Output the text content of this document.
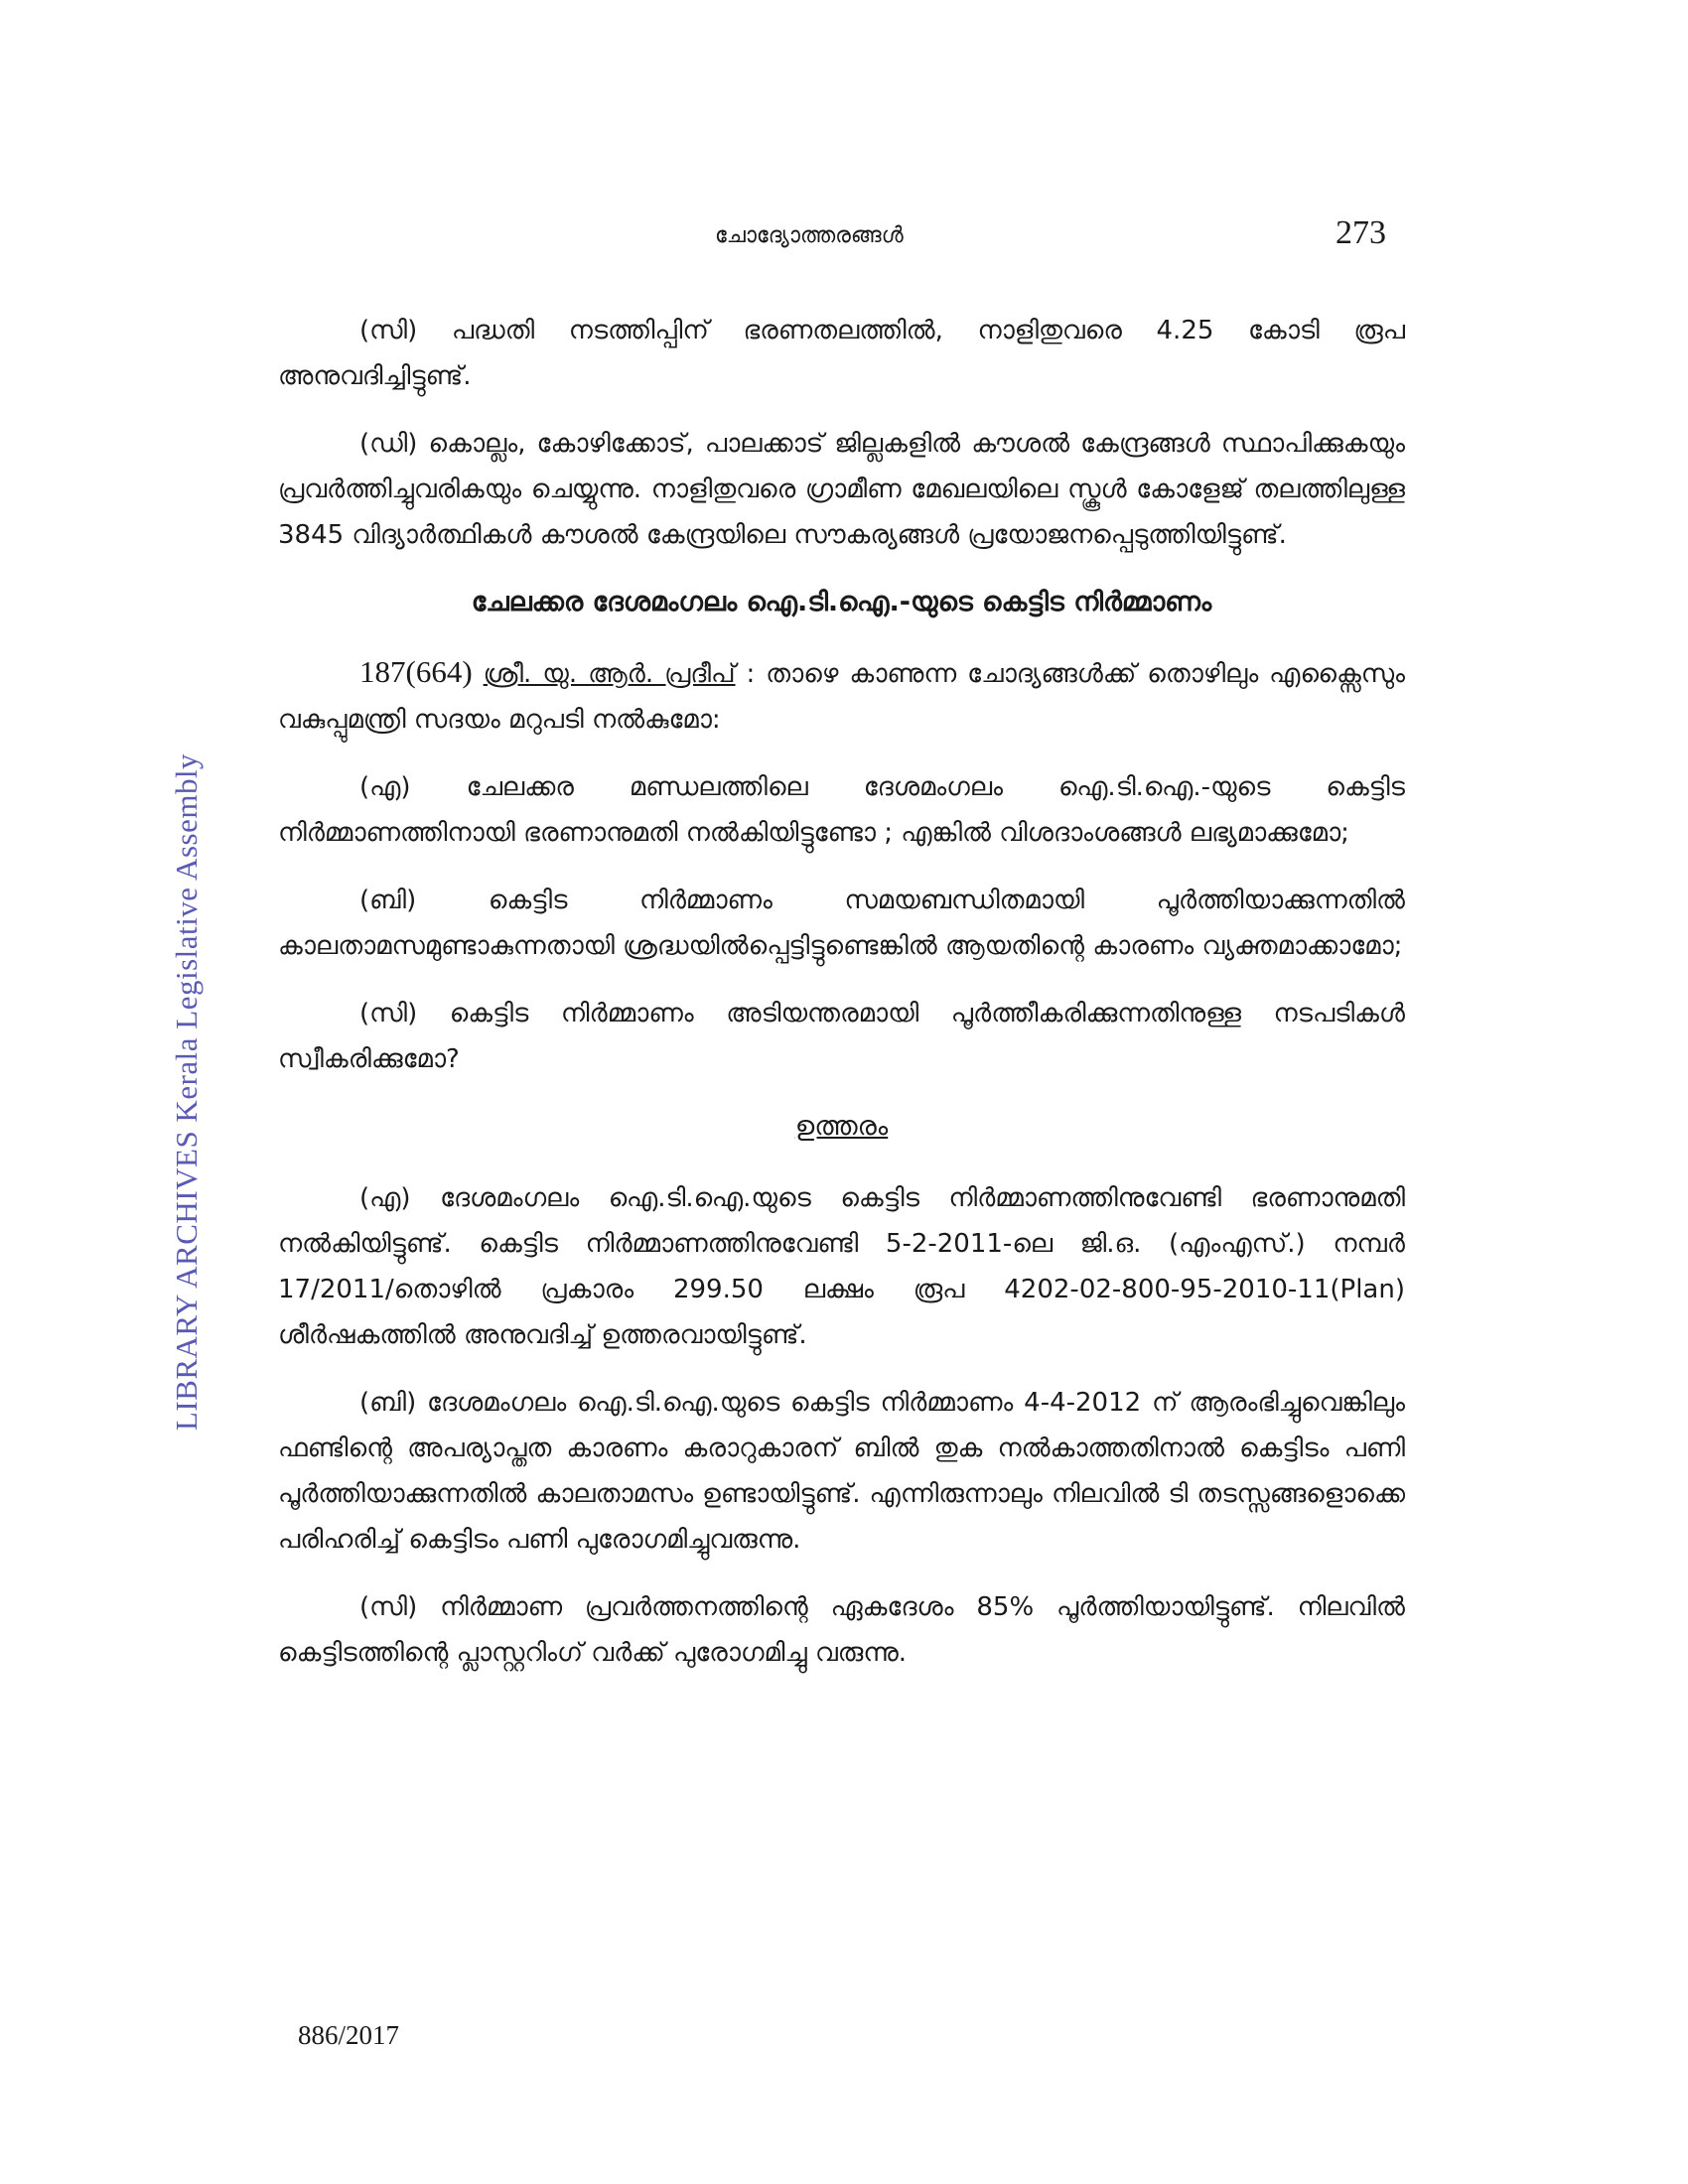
LIBRARY ARCHIVES Kerala Legislative Assembly
ചോദ്യോത്തരങ്ങൾ	273

(സി) പദ്ധതി നടത്തിപ്പിന് ഭരണതലത്തിൽ, നാളിതുവരെ 4.25 കോടി രൂപ അനുവദിച്ചിട്ടുണ്ട്.

(ഡി) കൊല്ലം, കോഴിക്കോട്, പാലക്കാട് ജില്ലകളിൽ കൗശൽ കേന്ദ്രങ്ങൾ സ്ഥാപിക്കുകയും പ്രവർത്തിച്ചുവരികയും ചെയ്യുന്നു. നാളിതുവരെ ഗ്രാമീണ മേഖലയിലെ സ്കൂൾ കോളേജ് തലത്തിലുള്ള 3845 വിദ്യാർത്ഥികൾ കൗശൽ കേന്ദ്രയിലെ സൗകര്യങ്ങൾ പ്രയോജനപ്പെടുത്തിയിട്ടുണ്ട്.

ചേലക്കര ദേശമംഗലം ഐ.ടി.ഐ.-യുടെ കെട്ടിട നിർമ്മാണം

187(664) ശ്രീ. യു. ആർ. പ്രദീപ് : താഴെ കാണുന്ന ചോദ്യങ്ങൾക്ക് തൊഴിലും എക്സൈസും വകുപ്പുമന്ത്രി സദയം മറുപടി നൽകുമോ:

(എ) ചേലക്കര മണ്ഡലത്തിലെ ദേശമംഗലം ഐ.ടി.ഐ.-യുടെ കെട്ടിട നിർമ്മാണത്തിനായി ഭരണാനുമതി നൽകിയിട്ടുണ്ടോ ; എങ്കിൽ വിശദാംശങ്ങൾ ലഭ്യമാക്കുമോ;

(ബി) കെട്ടിട നിർമ്മാണം സമയബന്ധിതമായി പൂർത്തിയാക്കുന്നതിൽ കാലതാമസമുണ്ടാകുന്നതായി ശ്രദ്ധയിൽപ്പെട്ടിട്ടുണ്ടെങ്കിൽ ആയതിന്റെ കാരണം വ്യക്തമാക്കാമോ;

(സി) കെട്ടിട നിർമ്മാണം അടിയന്തരമായി പൂർത്തീകരിക്കുന്നതിനുള്ള നടപടികൾ സ്വീകരിക്കുമോ?

ഉത്തരം

(എ) ദേശമംഗലം ഐ.ടി.ഐ.യുടെ കെട്ടിട നിർമ്മാണത്തിനുവേണ്ടി ഭരണാനുമതി നൽകിയിട്ടുണ്ട്. കെട്ടിട നിർമ്മാണത്തിനുവേണ്ടി 5-2-2011-ലെ ജി.ഒ. (എംഎസ്.) നമ്പർ 17/2011/തൊഴിൽ പ്രകാരം 299.50 ലക്ഷം രൂപ 4202-02-800-95-2010-11(Plan) ശീർഷകത്തിൽ അനുവദിച്ച് ഉത്തരവായിട്ടുണ്ട്.

(ബി) ദേശമംഗലം ഐ.ടി.ഐ.യുടെ കെട്ടിട നിർമ്മാണം 4-4-2012 ന് ആരംഭിച്ചുവെങ്കിലും ഫണ്ടിന്റെ അപര്യാപ്തത കാരണം കരാറുകാരന് ബിൽ തുക നൽകാത്തതിനാൽ കെട്ടിടം പണി പൂർത്തിയാക്കുന്നതിൽ കാലതാമസം ഉണ്ടായിട്ടുണ്ട്. എന്നിരുന്നാലും നിലവിൽ ടി തടസ്സങ്ങളൊക്കെ പരിഹരിച്ച് കെട്ടിടം പണി പുരോഗമിച്ചുവരുന്നു.

(സി) നിർമ്മാണ പ്രവർത്തനത്തിന്റെ ഏകദേശം 85% പൂർത്തിയായിട്ടുണ്ട്. നിലവിൽ കെട്ടിടത്തിന്റെ പ്ലാസ്റ്ററിംഗ് വർക്ക് പുരോഗമിച്ചു വരുന്നു.

886/2017
